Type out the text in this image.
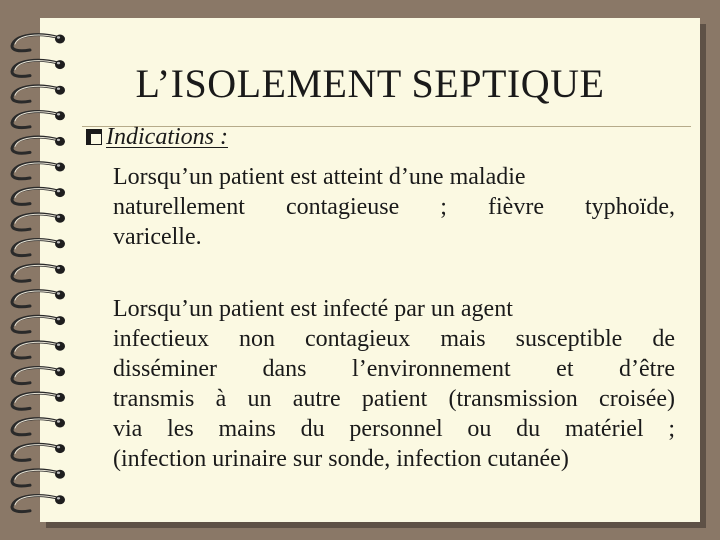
L’ISOLEMENT SEPTIQUE
Indications :
Lorsqu’un patient est atteint d’une maladie
naturellement contagieuse ; fièvre typhoïde,
varicelle.
Lorsqu’un patient est infecté par un agent
infectieux non contagieux mais susceptible de
disséminer dans l’environnement et d’être
transmis à un autre patient (transmission croisée)
via les mains du personnel ou du matériel ;
(infection urinaire sur sonde, infection cutanée)
